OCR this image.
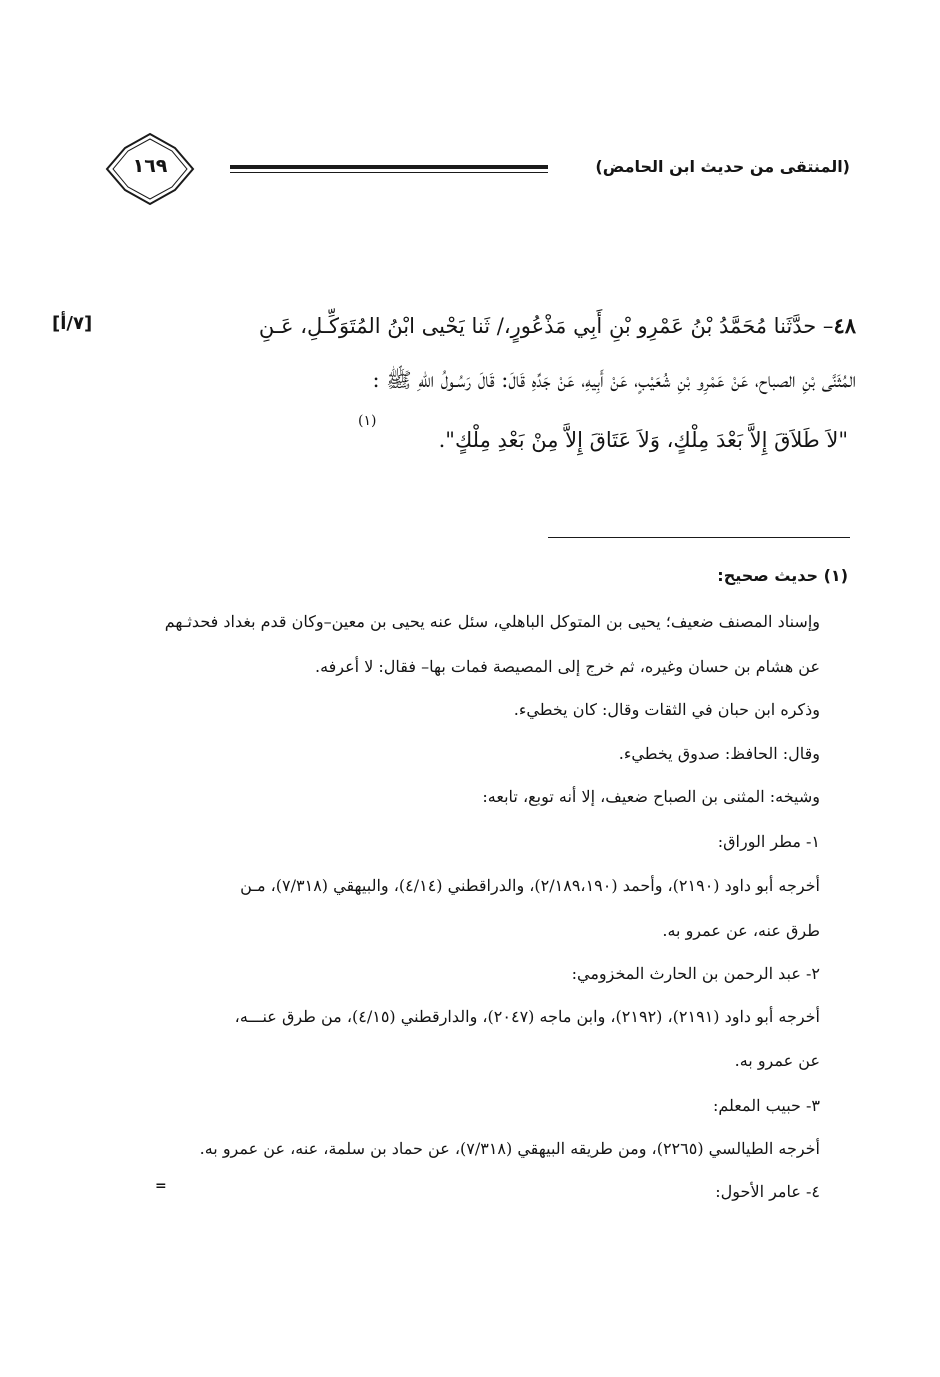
(المنتقى من حديث ابن الحامض)
١٦٩
٤٨– حدَّثَنا مُحَمَّدُ بْنُ عَمْرِو بْنِ أَبِي مَذْعُورٍ،/ ثَنا يَحْيى ابْنُ المُتَوَكِّـلِ، عَـنِ
[٧/أ]
المُثَنَّى بْنِ الصباح، عَنْ عَمْرِو بْنِ شُعَيْبٍ، عَنْ أَبِيهِ، عَنْ جَدِّهِ قَالَ: قَالَ رَسُـولُ اللهِ ﷺ :
(١)
"لاَ طَلاَقَ إِلاَّ بَعْدَ مِلْكٍ، وَلاَ عَتَاقَ إِلاَّ مِنْ بَعْدِ مِلْكٍ".
(١) حديث صحيح:
وإسناد المصنف ضعيف؛ يحيى بن المتوكل الباهلي، سئل عنه يحيى بن معين–وكان قدم بغداد فحدثـهم
عن هشام بن حسان وغيره، ثم خرج إلى المصيصة فمات بها– فقال: لا أعرفه.
وذكره ابن حبان في الثقات وقال: كان يخطيء.
وقال: الحافظ: صدوق يخطيء.
وشيخه: المثنى بن الصباح ضعيف، إلا أنه توبع، تابعه:
١- مطر الوراق:
أخرجه أبو داود (٢١٩٠)، وأحمد (٢/١٨٩،١٩٠)، والدراقطني (٤/١٤)، والبيهقي (٧/٣١٨)، مـن
طرق عنه، عن عمرو به.
٢- عبد الرحمن بن الحارث المخزومي:
أخرجه أبو داود (٢١٩١)، (٢١٩٢)، وابن ماجه (٢٠٤٧)، والدارقطني (٤/١٥)، من طرق عنـــه،
عن عمرو به.
٣- حبيب المعلم:
أخرجه الطيالسي (٢٢٦٥)، ومن طريقه البيهقي (٧/٣١٨)، عن حماد بن سلمة، عنه، عن عمرو به.
٤- عامر الأحول:
=
